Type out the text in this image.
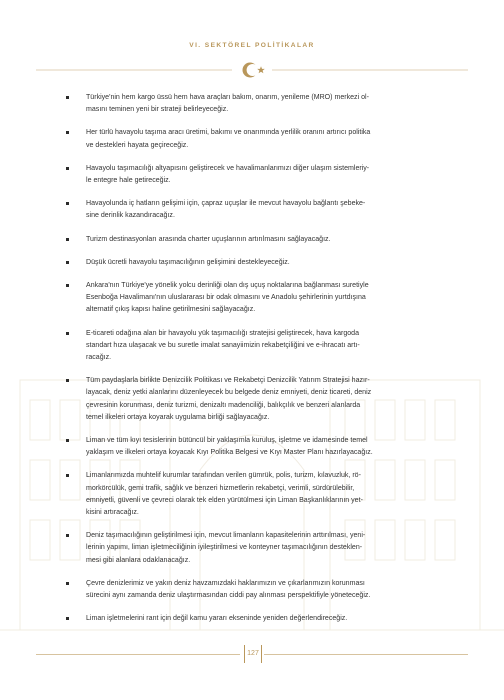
VI. SEKTÖREL POLİTİKALAR
Türkiye'nin hem kargo üssü hem hava araçları bakım, onarım, yenileme (MRO) merkezi ol-
masını teminen yeni bir strateji belirleyeceğiz.
Her türlü havayolu taşıma aracı üretimi, bakımı ve onarımında yerlilik oranını artırıcı politika
ve destekleri hayata geçireceğiz.
Havayolu taşımacılığı altyapısını geliştirecek ve havalimanlarımızı diğer ulaşım sistemleriy-
le entegre hale getireceğiz.
Havayolunda iç hatların gelişimi için, çapraz uçuşlar ile mevcut havayolu bağlantı şebeke-
sine derinlik kazandıracağız.
Turizm destinasyonları arasında charter uçuşlarının artırılmasını sağlayacağız.
Düşük ücretli havayolu taşımacılığının gelişimini destekleyeceğiz.
Ankara'nın Türkiye'ye yönelik yolcu derinliği olan dış uçuş noktalarına bağlanması suretiyle
Esenboğa Havalimanı'nın uluslararası bir odak olmasını ve Anadolu şehirlerinin yurtdışına
alternatif çıkış kapısı haline getirilmesini sağlayacağız.
E-ticareti odağına alan bir havayolu yük taşımacılığı stratejisi geliştirecek, hava kargoda
standart hıza ulaşacak ve bu suretle imalat sanayiimizin rekabetçiliğini ve e-ihracatı artı-
racağız.
Tüm paydaşlarla birlikte Denizcilik Politikası ve Rekabetçi Denizcilik Yatırım Stratejisi hazır-
layacak, deniz yetki alanlarını düzenleyecek bu belgede deniz emniyeti, deniz ticareti, deniz
çevresinin korunması, deniz turizmi, denizaltı madenciliği, balıkçılık ve benzeri alanlarda
temel ilkeleri ortaya koyarak uygulama birliği sağlayacağız.
Liman ve tüm kıyı tesislerinin bütüncül bir yaklaşımla kuruluş, işletme ve idamesinde temel
yaklaşım ve ilkeleri ortaya koyacak Kıyı Politika Belgesi ve Kıyı Master Planı hazırlayacağız.
Limanlarımızda muhtelif kurumlar tarafından verilen gümrük, polis, turizm, kılavuzluk, rö-
morkörcülük, gemi trafik, sağlık ve benzeri hizmetlerin rekabetçi, verimli, sürdürülebilir,
emniyetli, güvenli ve çevreci olarak tek elden yürütülmesi için Liman Başkanlıklarının yet-
kisini artıracağız.
Deniz taşımacılığının geliştirilmesi için, mevcut limanların kapasitelerinin arttırılması, yeni-
lerinin yapımı, liman işletmeciliğinin iyileştirilmesi ve konteyner taşımacılığının desteklen-
mesi gibi alanlara odaklanacağız.
Çevre denizlerimiz ve yakın deniz havzamızdaki haklarımızın ve çıkarlarımızın korunması
sürecini aynı zamanda deniz ulaştırmasından ciddi pay alınması perspektifiyle yöneteceğiz.
Liman işletmelerini rant için değil kamu yararı ekseninde yeniden değerlendireceğiz.
127
